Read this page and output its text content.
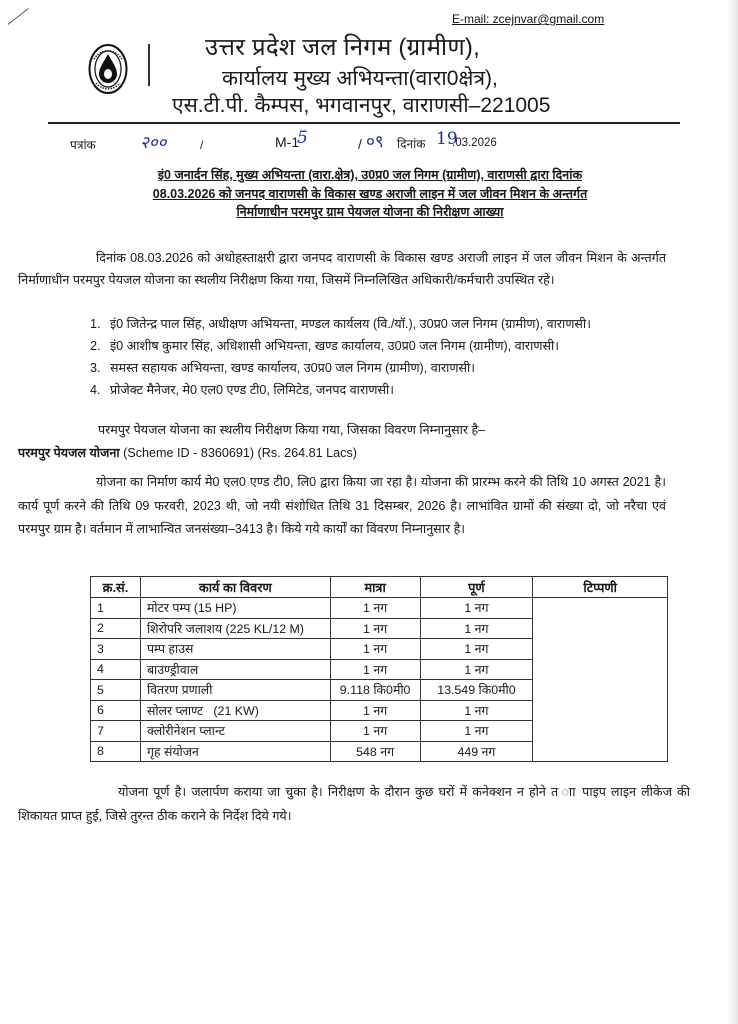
E-mail: zcejnvar@gmail.com
उत्तर प्रदेश जल निगम (ग्रामीण),
कार्यालय मुख्य अभियन्ता(वारा0क्षेत्र),
एस.टी.पी. कैम्पस, भगवानपुर, वाराणसी–221005
पत्रांक	२००	/	M-1
5	/ ०९ दिनांक 19
.03.2026
इं0 जनार्दन सिंह, मुख्य अभियन्ता (वारा.क्षेत्र), उ0प्र0 जल निगम (ग्रामीण), वाराणसी द्वारा दिनांक
08.03.2026 को जनपद वाराणसी के विकास खण्ड अराजी लाइन में जल जीवन मिशन के अन्तर्गत
निर्माणाधीन परमपुर ग्राम पेयजल योजना की निरीक्षण आख्या
दिनांक 08.03.2026 को अधोहस्ताक्षरी द्वारा जनपद वाराणसी के विकास खण्ड अराजी लाइन में जल जीवन मिशन के अन्तर्गत निर्माणाधीन परमपुर पेयजल योजना का स्थलीय निरीक्षण किया गया, जिसमें निम्नलिखित अधिकारी/कर्मचारी उपस्थित रहे।
1. इं0 जितेन्द्र पाल सिंह, अधीक्षण अभियन्ता, मण्डल कार्यलय (वि./यॉ.), उ0प्र0 जल निगम (ग्रामीण), वाराणसी।
2. इं0 आशीष कुमार सिंह, अधिशासी अभियन्ता, खण्ड कार्यालय, उ0प्र0 जल निगम (ग्रामीण), वाराणसी।
3. समस्त सहायक अभियन्ता, खण्ड कार्यालय, उ0प्र0 जल निगम (ग्रामीण), वाराणसी।
4. प्रोजेक्ट मैनेजर, मे0 एल0 एण्ड टी0, लिमिटेड, जनपद वाराणसी।
परमपुर पेयजल योजना का स्थलीय निरीक्षण किया गया, जिसका विवरण निम्नानुसार है–
परमपुर पेयजल योजना (Scheme ID - 8360691) (Rs. 264.81 Lacs)
योजना का निर्माण कार्य मे0 एल0 एण्ड टी0, लि0 द्वारा किया जा रहा है। योजना की प्रारम्भ करने की तिथि 10 अगस्त 2021 है। कार्य पूर्ण करने की तिथि 09 फरवरी, 2023 थी, जो नयी संशोधित तिथि 31 दिसम्बर, 2026 है। लाभांवित ग्रामों की संख्या दो, जो नरैचा एवं परमपुर ग्राम है। वर्तमान में लाभान्वित जनसंख्या–3413 है। किये गये कार्यों का विवरण निम्नानुसार है।
क्र.सं.	कार्य का विवरण	मात्रा	पूर्ण	टिप्पणी
1	मोटर पम्प (15 HP)	1 नग	1 नग	
2	शिरोपरि जलाशय (225 KL/12 M)	1 नग	1 नग	
3	पम्प हाउस	1 नग	1 नग	
4	बाउण्ड्रीवाल	1 नग	1 नग	
5	वितरण प्रणाली	9.118 कि0मी0	13.549 कि0मी0	
6	सोलर प्लाण्ट   (21 KW)	1 नग	1 नग	
7	क्लोरीनेशन प्लान्ट	1 नग	1 नग	
8	गृह संयोजन	548 नग	449 नग	
योजना पूर्ण है। जलार्पण कराया जा चुका है। निरीक्षण के दौरान कुछ घरों में कनेक्शन न होने त ाा पाइप लाइन लीकेज की शिकायत प्राप्त हुई, जिसे तुरन्त ठीक कराने के निर्देश दिये गये।
